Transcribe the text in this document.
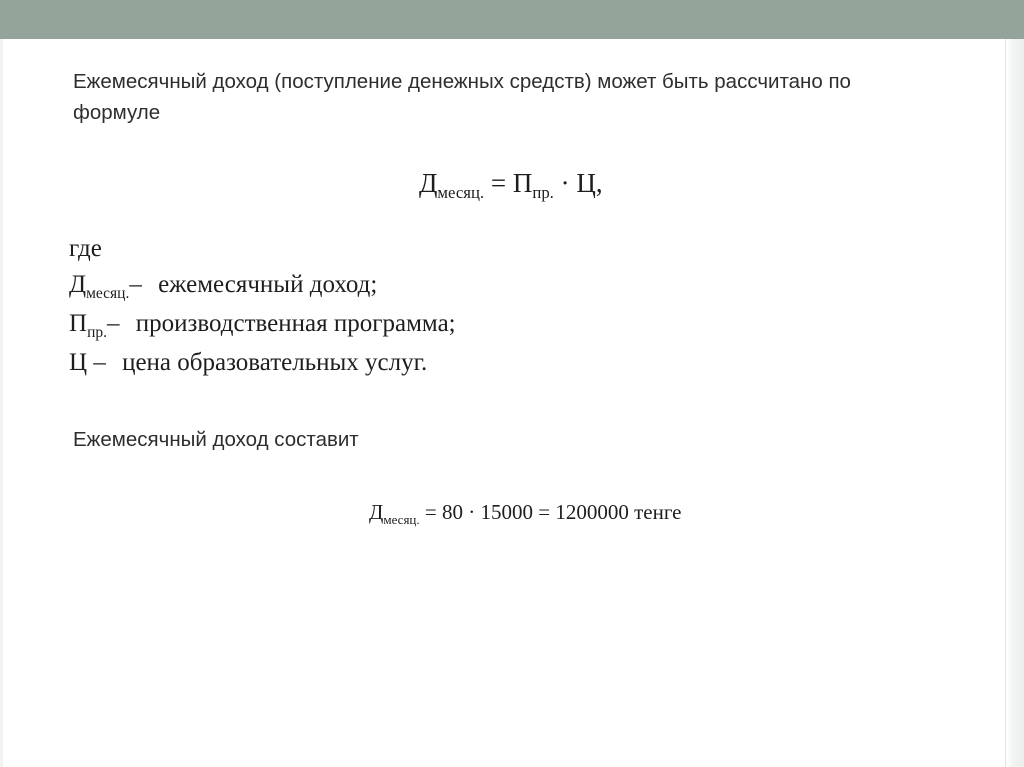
Ежемесячный доход (поступление денежных средств) может быть рассчитано по формуле
$Д_{месяц.} = П_{пр.} \cdot Ц$,
где
$Д_{месяц.}-$ ежемесячный доход;
$П_{пр.}-$ производственная программа;
Ц – цена образовательных услуг.
Ежемесячный доход составит
$Д_{месяц.} = 80 \cdot 15000 = 1200000$ тенге
